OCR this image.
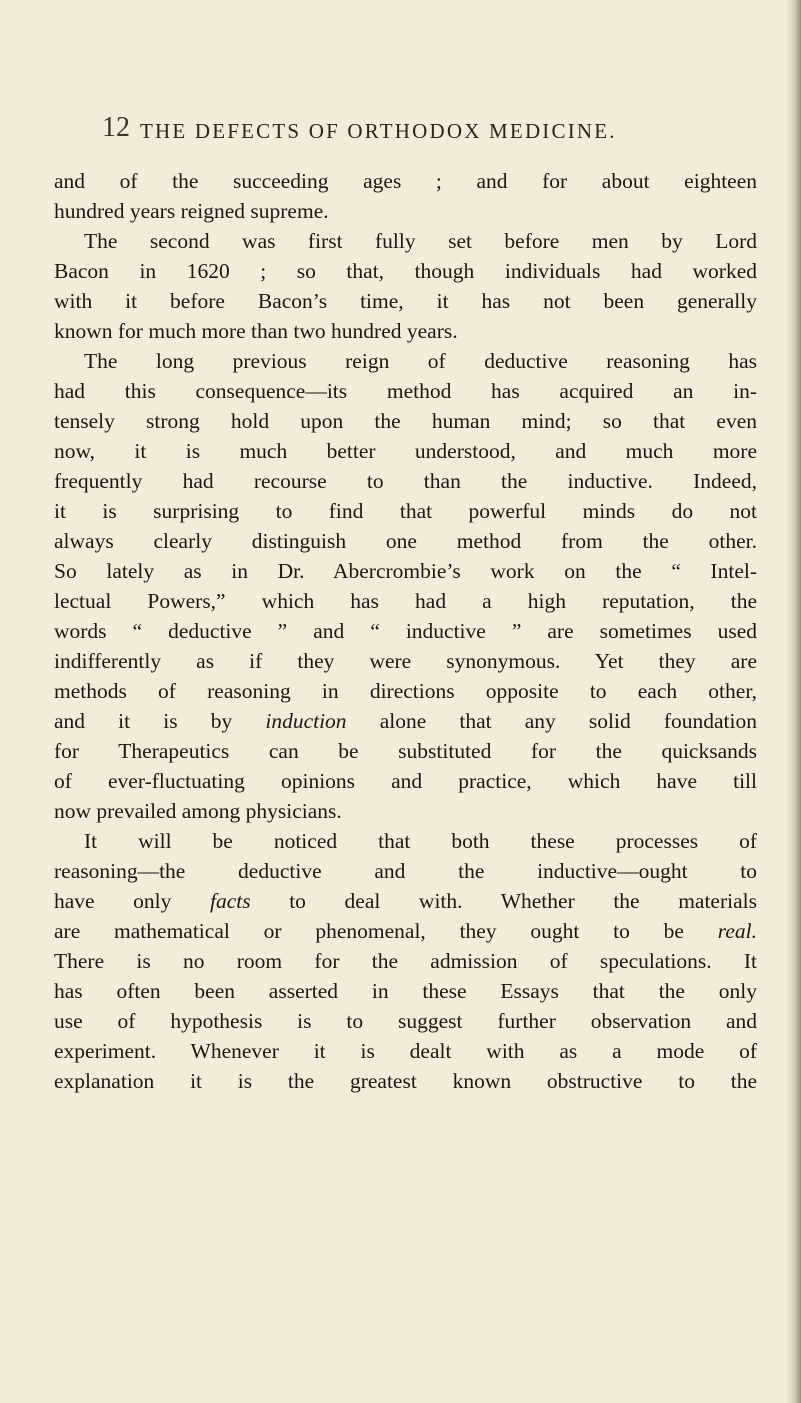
12 THE DEFECTS OF ORTHODOX MEDICINE.
and of the succeeding ages ; and for about eighteen
hundred years reigned supreme.
The second was first fully set before men by Lord
Bacon in 1620 ; so that, though individuals had worked
with it before Bacon’s time, it has not been generally
known for much more than two hundred years.
The long previous reign of deductive reasoning has
had this consequence—its method has acquired an in-
tensely strong hold upon the human mind; so that even
now, it is much better understood, and much more
frequently had recourse to than the inductive. Indeed,
it is surprising to find that powerful minds do not
always clearly distinguish one method from the other.
So lately as in Dr. Abercrombie’s work on the “ Intel-
lectual Powers,” which has had a high reputation, the
words “ deductive ” and “ inductive ” are sometimes used
indifferently as if they were synonymous. Yet they are
methods of reasoning in directions opposite to each other,
and it is by induction alone that any solid foundation
for Therapeutics can be substituted for the quicksands
of ever-fluctuating opinions and practice, which have till
now prevailed among physicians.
It will be noticed that both these processes of
reasoning—the deductive and the inductive—ought to
have only facts to deal with. Whether the materials
are mathematical or phenomenal, they ought to be real.
There is no room for the admission of speculations. It
has often been asserted in these Essays that the only
use of hypothesis is to suggest further observation and
experiment. Whenever it is dealt with as a mode of
explanation it is the greatest known obstructive to the
